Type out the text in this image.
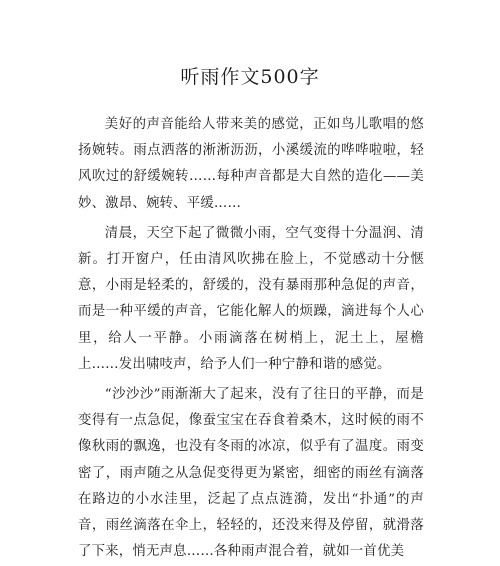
听雨作文500字

美好的声音能给人带来美的感觉，正如鸟儿歌唱的悠扬婉转。雨点洒落的淅淅沥沥，小溪缓流的哗哗啦啦，轻风吹过的舒缓婉转……每种声音都是大自然的造化——美妙、激昂、婉转、平缓……

清晨，天空下起了微微小雨，空气变得十分温润、清新。打开窗户，任由清风吹拂在脸上，不觉感动十分惬意，小雨是轻柔的，舒缓的，没有暴雨那种急促的声音，而是一种平缓的声音，它能化解人的烦躁，滴进每个人心里，给人一平静。小雨滴落在树梢上，泥土上，屋檐上……发出啸吱声，给予人们一种宁静和谐的感觉。

“沙沙沙”雨渐渐大了起来，没有了往日的平静，而是变得有一点急促，像蚕宝宝在吞食着桑木，这时候的雨不像秋雨的飘逸，也没有冬雨的冰凉，似乎有了温度。雨变密了，雨声随之从急促变得更为紧密，细密的雨丝有滴落在路边的小水洼里，泛起了点点涟漪，发出“扑通”的声音，雨丝滴落在伞上，轻轻的，还没来得及停留，就滑落了下来，悄无声息……各种雨声混合着，就如一首优美
